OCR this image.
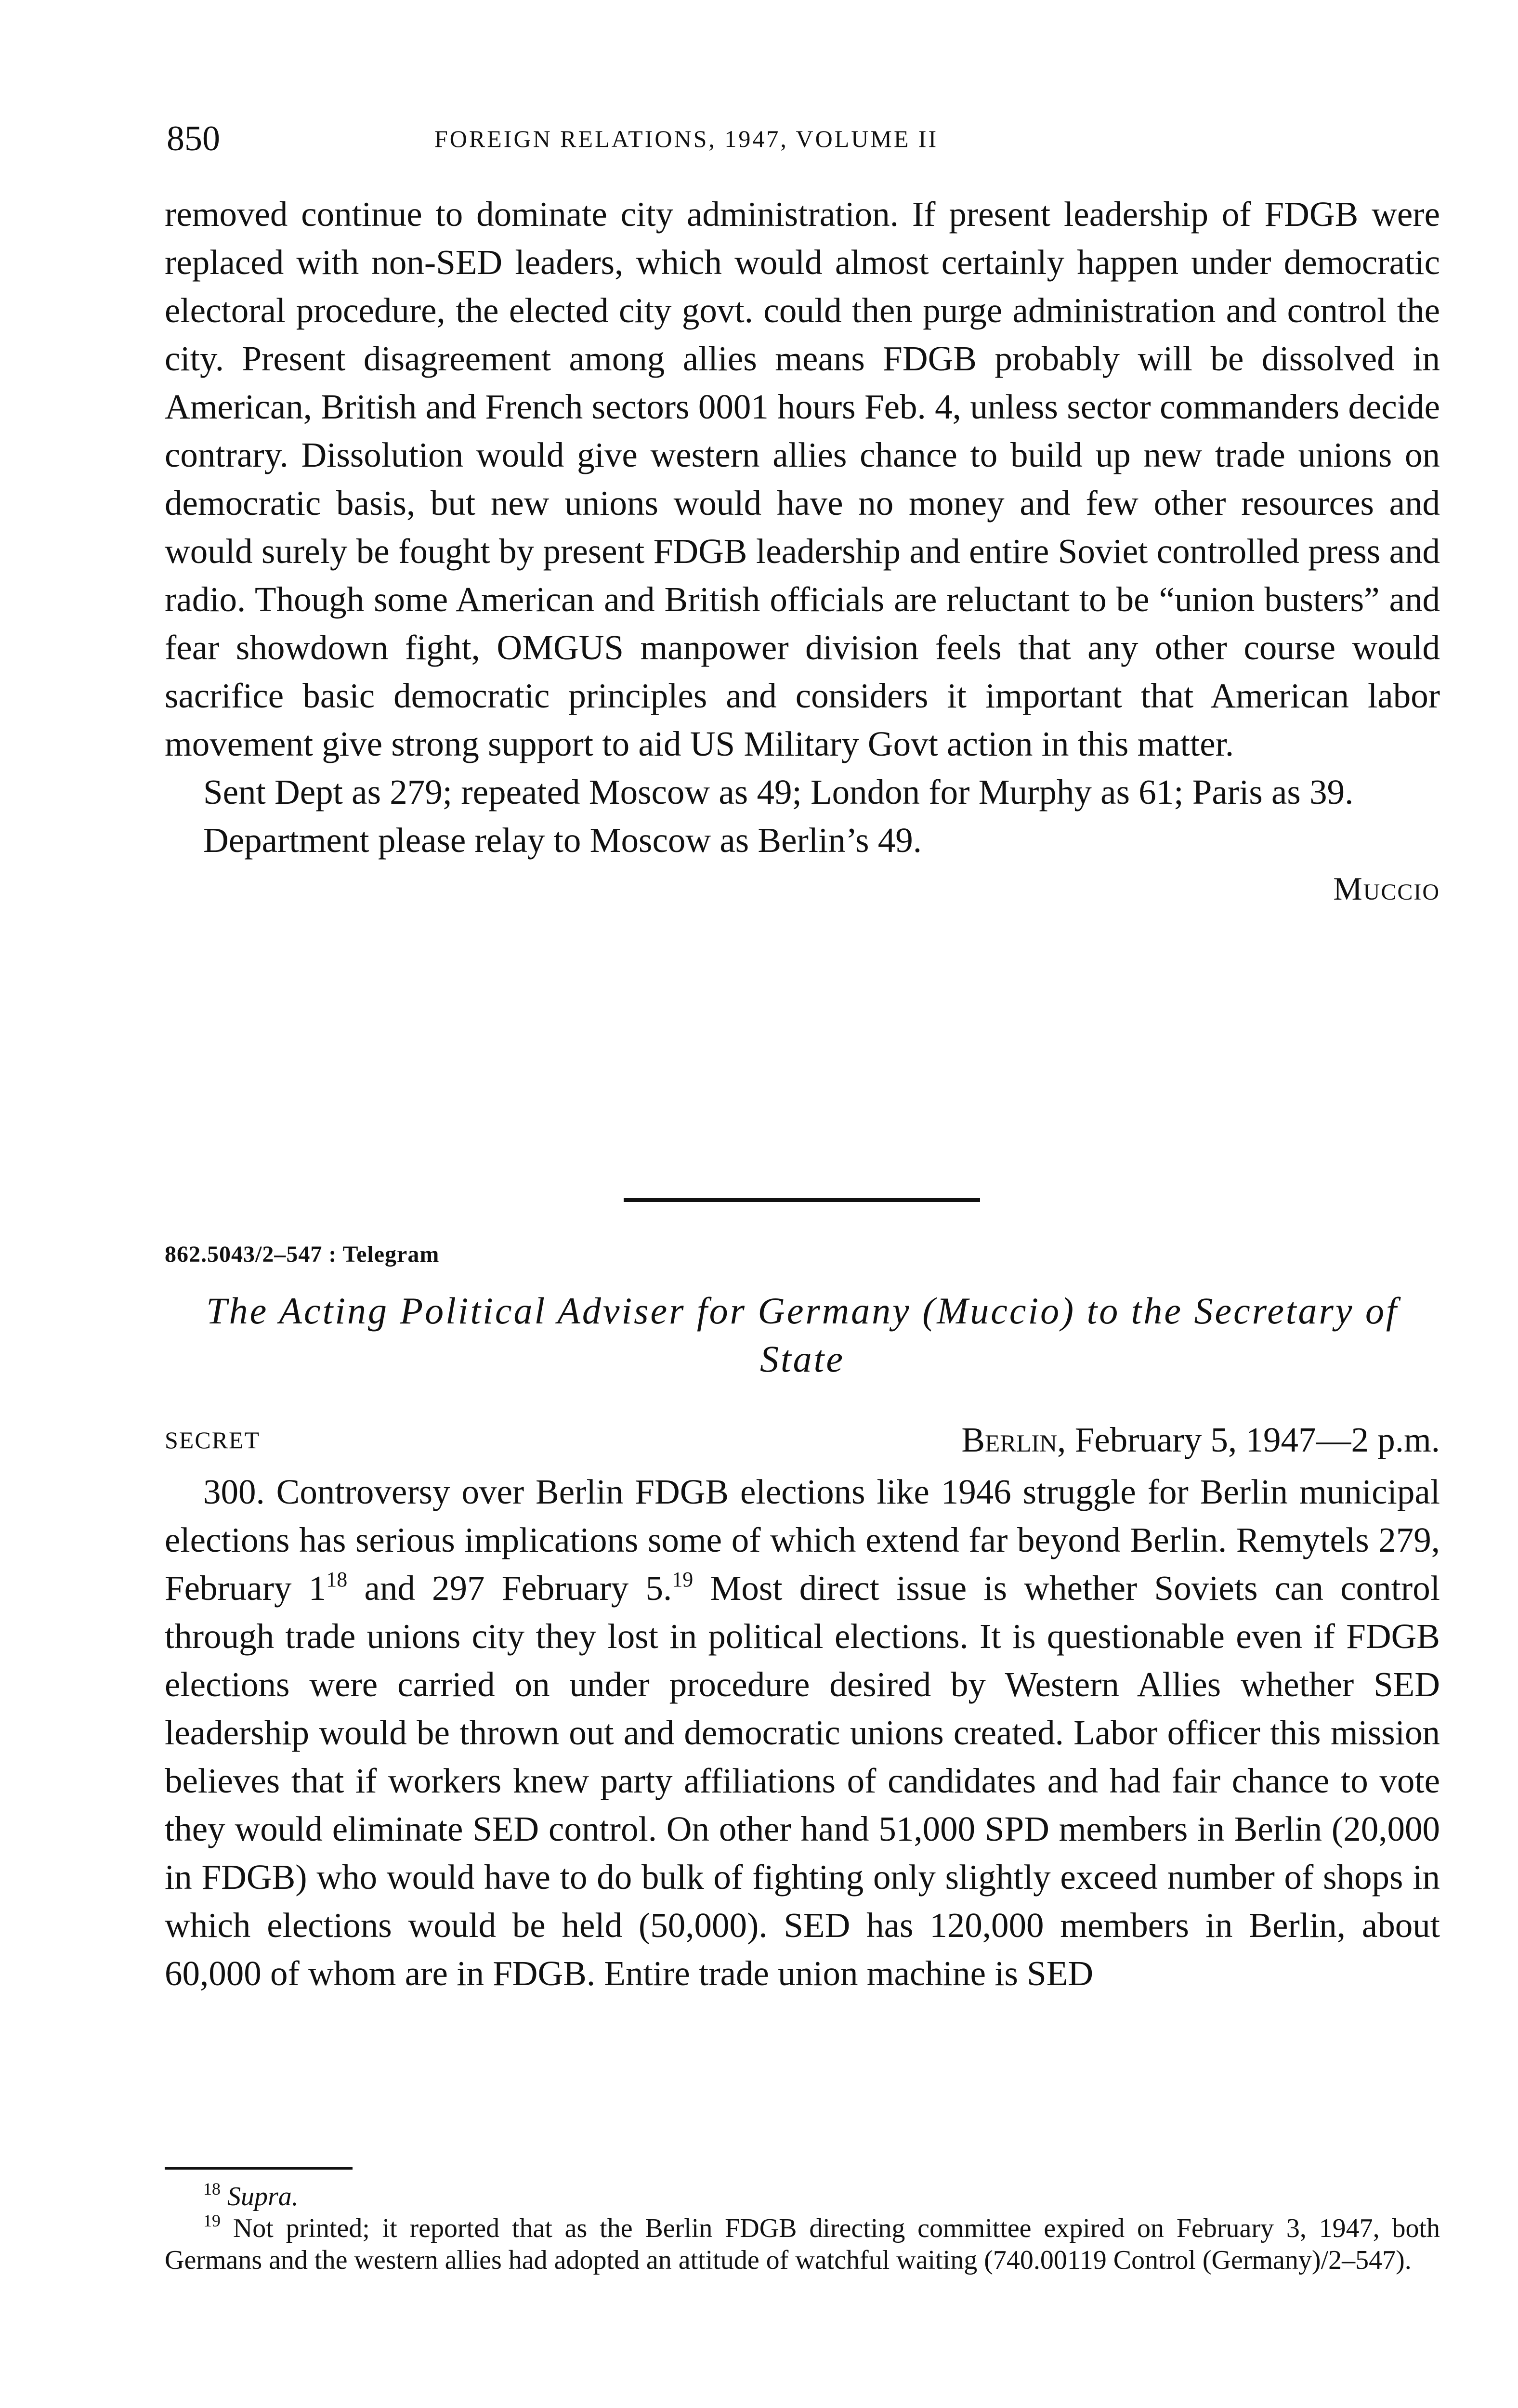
850	FOREIGN RELATIONS, 1947, VOLUME II

removed continue to dominate city administration. If present leadership of FDGB were replaced with non-SED leaders, which would almost certainly happen under democratic electoral procedure, the elected city govt. could then purge administration and control the city. Present disagreement among allies means FDGB probably will be dissolved in American, British and French sectors 0001 hours Feb. 4, unless sector commanders decide contrary. Dissolution would give western allies chance to build up new trade unions on democratic basis, but new unions would have no money and few other resources and would surely be fought by present FDGB leadership and entire Soviet controlled press and radio. Though some American and British officials are reluctant to be “union busters” and fear showdown fight, OMGUS manpower division feels that any other course would sacrifice basic democratic principles and considers it important that American labor movement give strong support to aid US Military Govt action in this matter.

Sent Dept as 279; repeated Moscow as 49; London for Murphy as 61; Paris as 39.

Department please relay to Moscow as Berlin’s 49.

Muccio

862.5043/2–547 : Telegram
The Acting Political Adviser for Germany (Muccio) to the Secretary of State
SECRET	Berlin, February 5, 1947—2 p.m.

300. Controversy over Berlin FDGB elections like 1946 struggle for Berlin municipal elections has serious implications some of which extend far beyond Berlin. Remytels 279, February $1^{18}$ and 297 February 5.19 Most direct issue is whether Soviets can control through trade unions city they lost in political elections. It is questionable even if FDGB elections were carried on under procedure desired by Western Allies whether SED leadership would be thrown out and democratic unions created. Labor officer this mission believes that if workers knew party affiliations of candidates and had fair chance to vote they would eliminate SED control. On other hand 51,000 SPD members in Berlin (20,000 in FDGB) who would have to do bulk of fighting only slightly exceed number of shops in which elections would be held (50,000). SED has 120,000 members in Berlin, about 60,000 of whom are in FDGB. Entire trade union machine is SED

$^{18}$ Supra.

$^{19}$ Not printed; it reported that as the Berlin FDGB directing committee expired on February 3, 1947, both Germans and the western allies had adopted an attitude of watchful waiting (740.00119 Control (Germany)/2–547).
